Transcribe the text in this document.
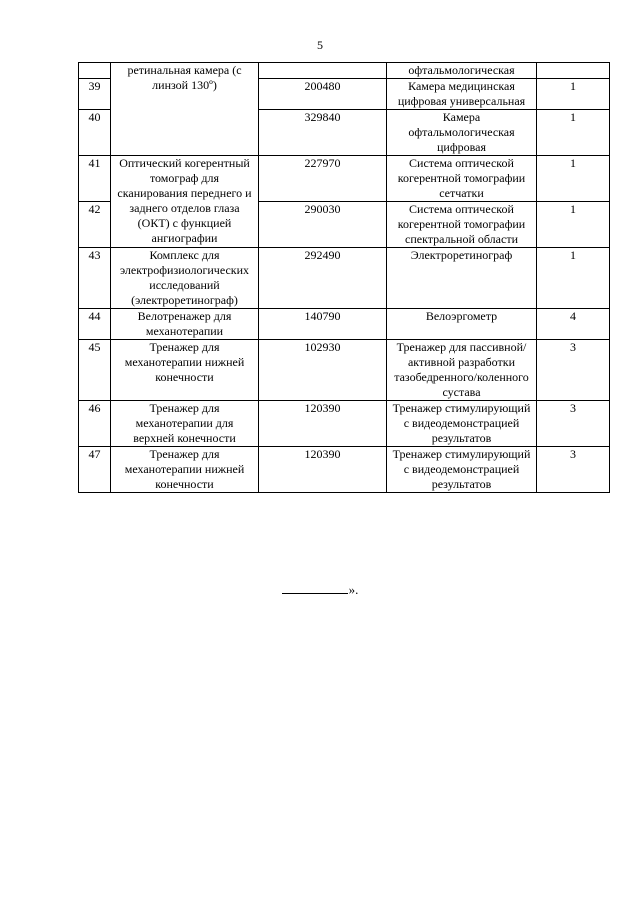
5
	ретинальная камера (с линзой 130º)		офтальмологическая	
39		200480	Камера медицинская цифровая универсальная	1
40		329840	Камера офтальмологическая цифровая	1
41	Оптический когерентный томограф для сканирования переднего и заднего отделов глаза (ОКТ) с функцией ангиографии	227970	Система оптической когерентной томографии сетчатки	1
42		290030	Система оптической когерентной томографии спектральной области	1
43	Комплекс для электрофизиологических исследований (электроретинограф)	292490	Электроретинограф	1
44	Велотренажер для механотерапии	140790	Велоэргометр	4
45	Тренажер для механотерапии нижней конечности	102930	Тренажер для пассивной/активной разработки тазобедренного/коленного сустава	3
46	Тренажер для механотерапии для верхней конечности	120390	Тренажер стимулирующий с видеодемонстрацией результатов	3
47	Тренажер для механотерапии нижней конечности	120390	Тренажер стимулирующий с видеодемонстрацией результатов	3
».
